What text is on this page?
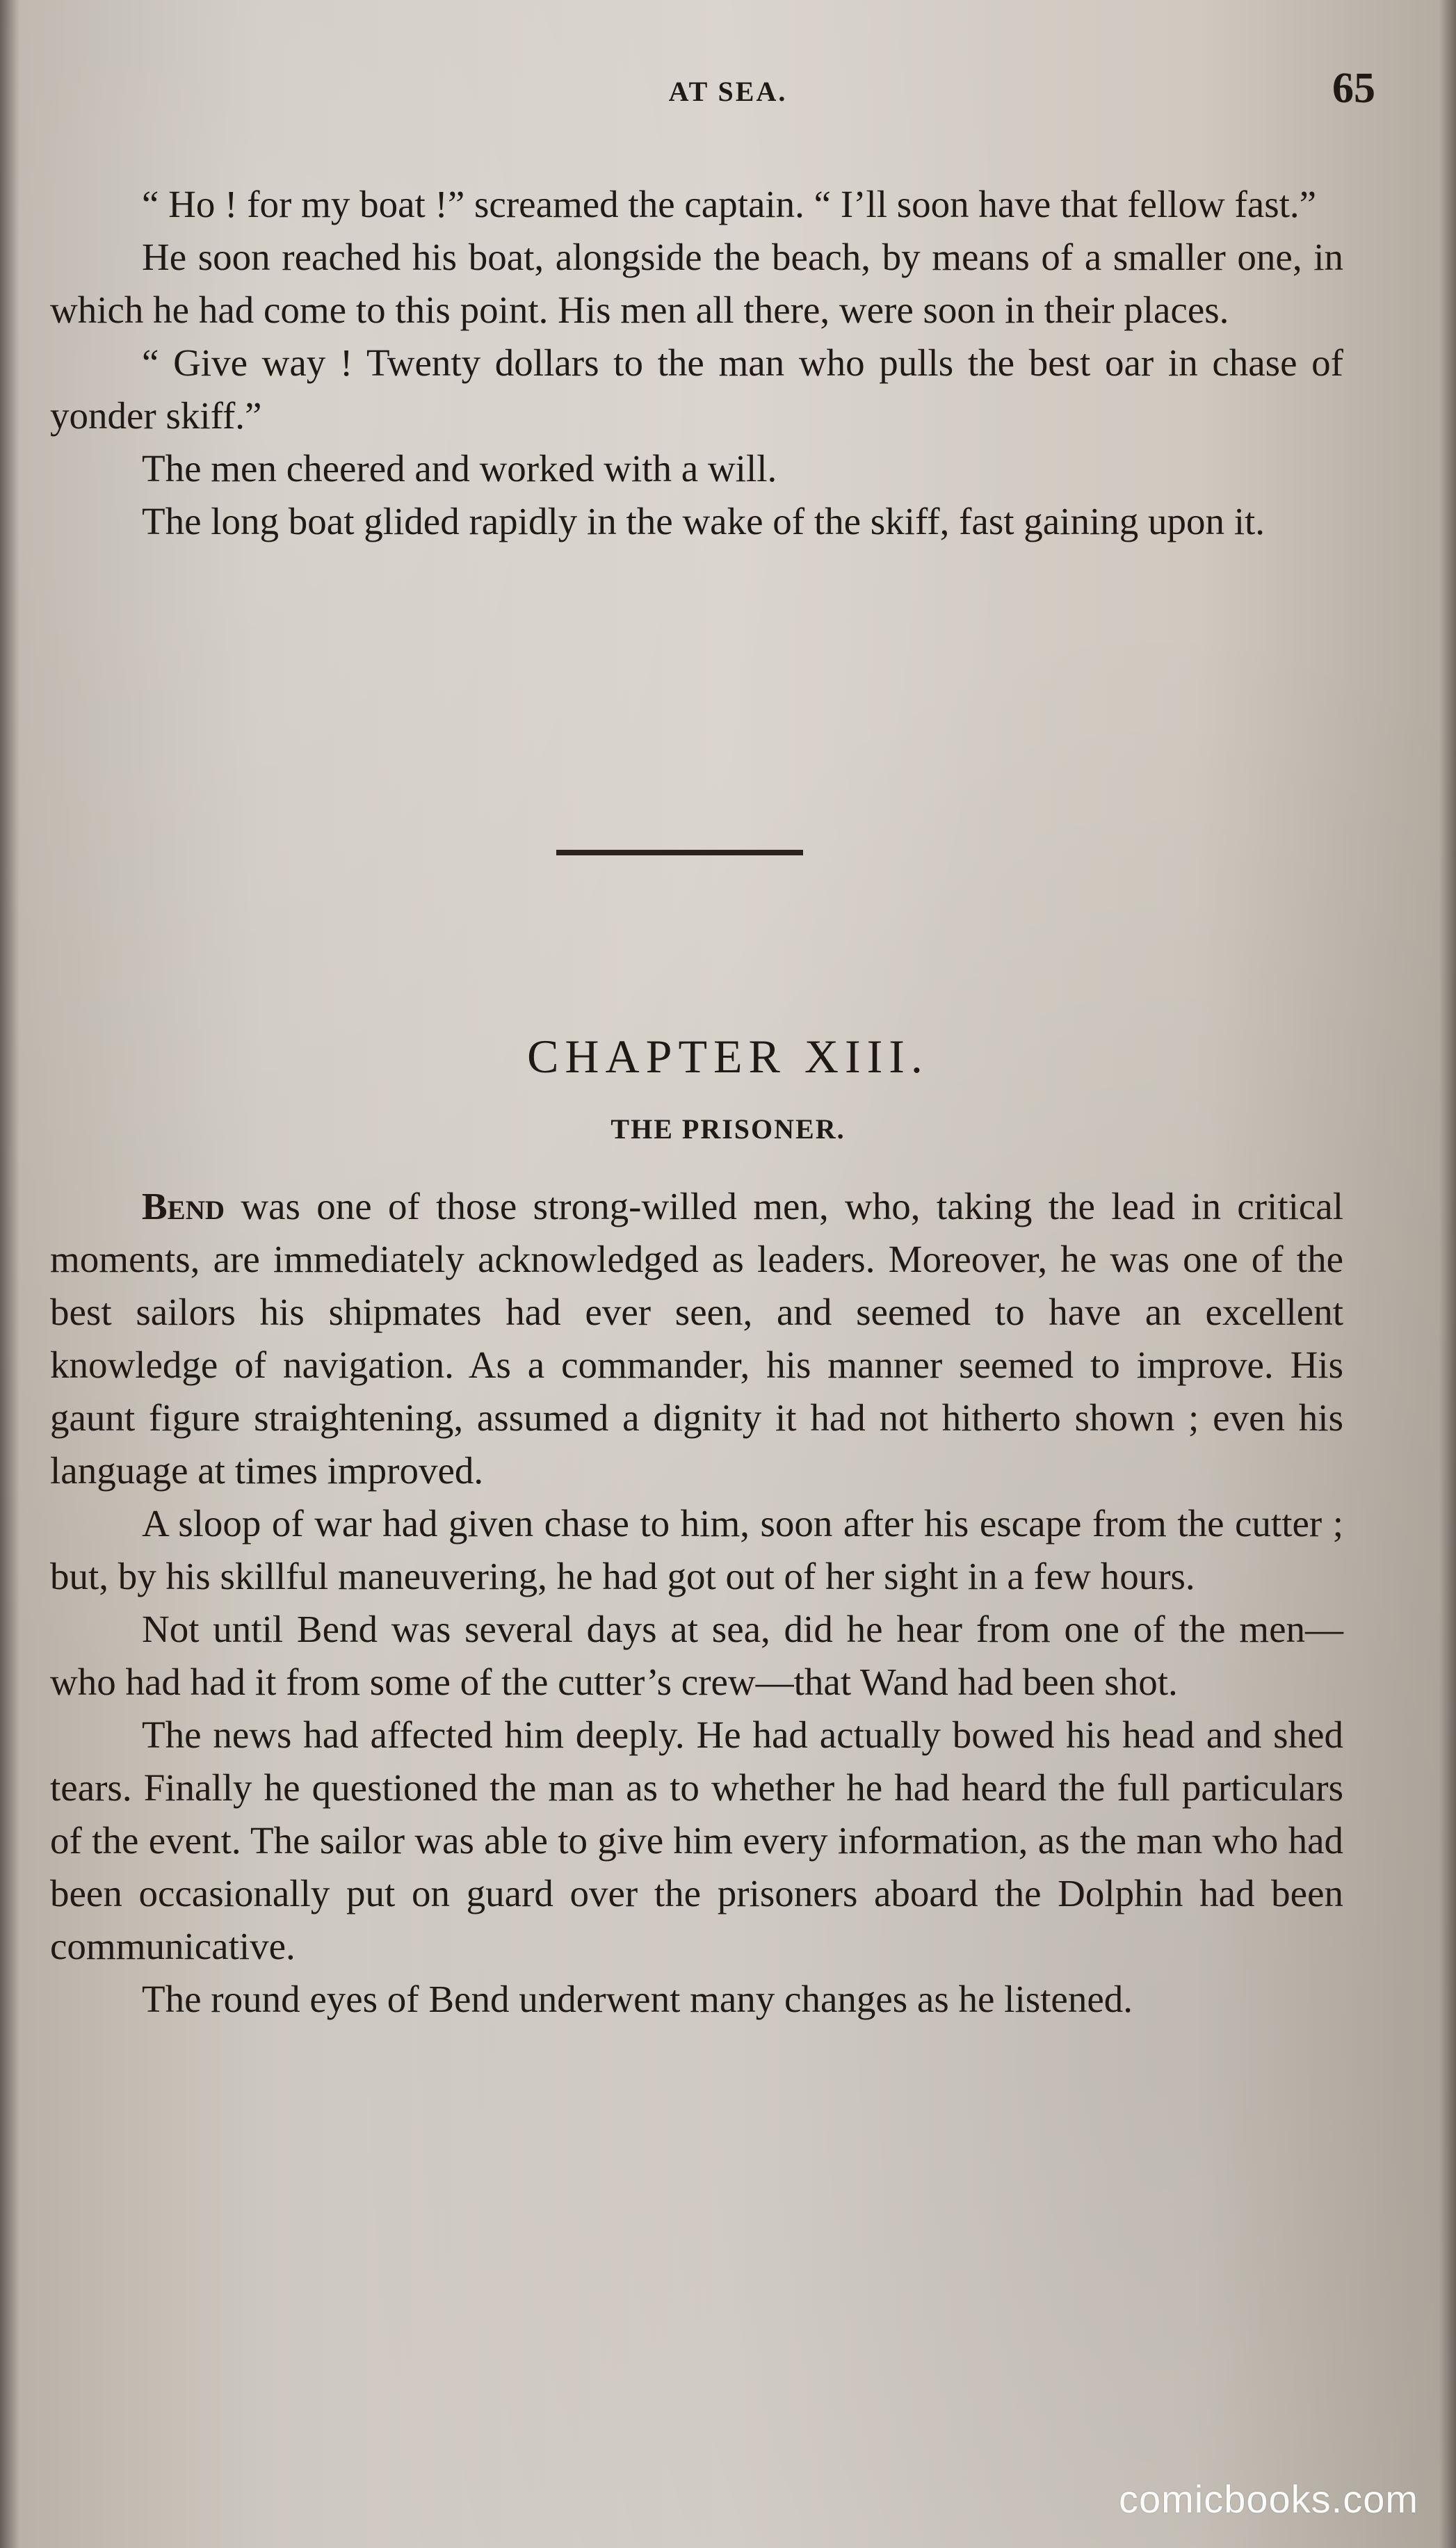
AT SEA.	65

“ Ho ! for my boat !” screamed the captain. “ I’ll soon have that fellow fast.”

He soon reached his boat, alongside the beach, by means of a smaller one, in which he had come to this point. His men all there, were soon in their places.

“ Give way ! Twenty dollars to the man who pulls the best oar in chase of yonder skiff.”

The men cheered and worked with a will.

The long boat glided rapidly in the wake of the skiff, fast gaining upon it.

CHAPTER XIII.
THE PRISONER.

Bend was one of those strong-willed men, who, taking the lead in critical moments, are immediately acknowledged as leaders. Moreover, he was one of the best sailors his shipmates had ever seen, and seemed to have an excellent knowledge of navigation. As a commander, his manner seemed to improve. His gaunt figure straightening, assumed a dignity it had not hitherto shown ; even his language at times improved.

A sloop of war had given chase to him, soon after his escape from the cutter ; but, by his skillful maneuvering, he had got out of her sight in a few hours.

Not until Bend was several days at sea, did he hear from one of the men—who had had it from some of the cutter’s crew—that Wand had been shot.

The news had affected him deeply. He had actually bowed his head and shed tears. Finally he questioned the man as to whether he had heard the full particulars of the event. The sailor was able to give him every information, as the man who had been occasionally put on guard over the prisoners aboard the Dolphin had been communicative.

The round eyes of Bend underwent many changes as he listened.

comicbooks.com
